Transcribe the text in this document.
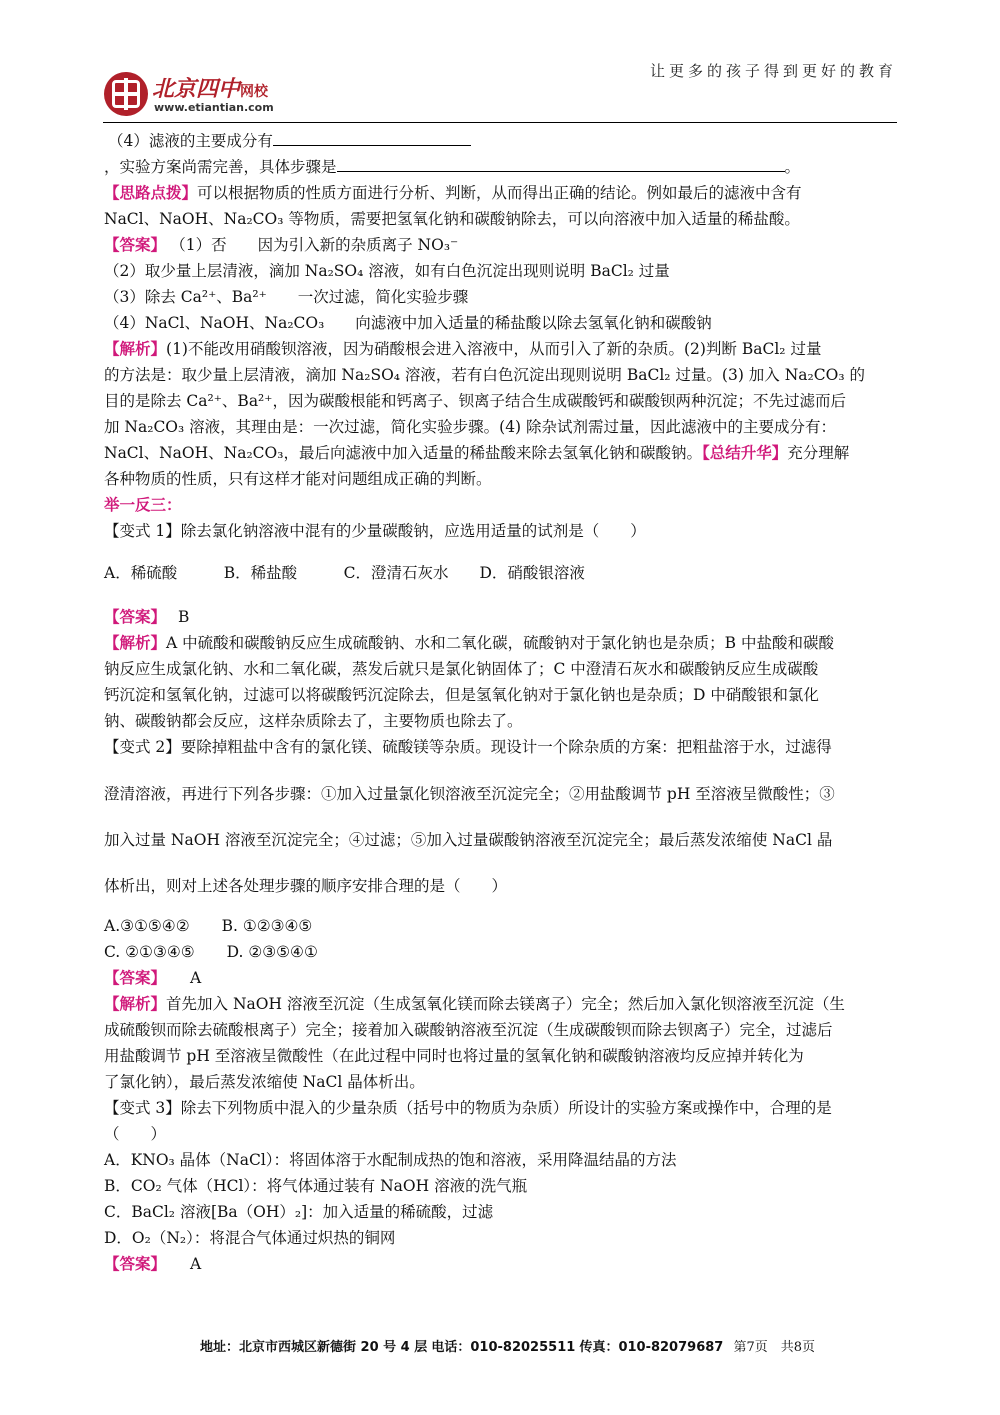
让更多的孩子得到更好的教育
北京四中网校
www.etiantian.com
（4）滤液的主要成分有
，实验方案尚需完善，具体步骤是	。
【思路点拨】可以根据物质的性质方面进行分析、判断，从而得出正确的结论。例如最后的滤液中含有
NaCl、NaOH、Na₂CO₃ 等物质，需要把氢氧化钠和碳酸钠除去，可以向溶液中加入适量的稀盐酸。
【答案】 （1）否　　因为引入新的杂质离子 NO₃⁻
（2）取少量上层清液，滴加 Na₂SO₄ 溶液，如有白色沉淀出现则说明 BaCl₂ 过量
（3）除去 Ca²⁺、Ba²⁺　　一次过滤，简化实验步骤
（4）NaCl、NaOH、Na₂CO₃　　向滤液中加入适量的稀盐酸以除去氢氧化钠和碳酸钠
【解析】(1)不能改用硝酸钡溶液，因为硝酸根会进入溶液中，从而引入了新的杂质。(2)判断 BaCl₂ 过量
的方法是：取少量上层清液，滴加 Na₂SO₄ 溶液，若有白色沉淀出现则说明 BaCl₂ 过量。(3) 加入 Na₂CO₃ 的
目的是除去 Ca²⁺、Ba²⁺，因为碳酸根能和钙离子、钡离子结合生成碳酸钙和碳酸钡两种沉淀；不先过滤而后
加 Na₂CO₃ 溶液，其理由是：一次过滤，简化实验步骤。(4) 除杂试剂需过量，因此滤液中的主要成分有：
NaCl、NaOH、Na₂CO₃，最后向滤液中加入适量的稀盐酸来除去氢氧化钠和碳酸钠。【总结升华】充分理解
各种物质的性质，只有这样才能对问题组成正确的判断。
举一反三：
【变式 1】除去氯化钠溶液中混有的少量碳酸钠，应选用适量的试剂是（　　）
A．稀硫酸　　　B．稀盐酸　　　C．澄清石灰水　　D．硝酸银溶液
【答案】 B
【解析】A 中硫酸和碳酸钠反应生成硫酸钠、水和二氧化碳，硫酸钠对于氯化钠也是杂质；B 中盐酸和碳酸
钠反应生成氯化钠、水和二氧化碳，蒸发后就只是氯化钠固体了；C 中澄清石灰水和碳酸钠反应生成碳酸
钙沉淀和氢氧化钠，过滤可以将碳酸钙沉淀除去，但是氢氧化钠对于氯化钠也是杂质；D 中硝酸银和氯化
钠、碳酸钠都会反应，这样杂质除去了，主要物质也除去了。
【变式 2】要除掉粗盐中含有的氯化镁、硫酸镁等杂质。现设计一个除杂质的方案：把粗盐溶于水，过滤得
澄清溶液，再进行下列各步骤：①加入过量氯化钡溶液至沉淀完全；②用盐酸调节 pH 至溶液呈微酸性；③
加入过量 NaOH 溶液至沉淀完全；④过滤；⑤加入过量碳酸钠溶液至沉淀完全；最后蒸发浓缩使 NaCl 晶
体析出，则对上述各处理步骤的顺序安排合理的是（　　）
A.③①⑤④② B. ①②③④⑤
C. ②①③④⑤ D. ②③⑤④①
【答案】 A
【解析】首先加入 NaOH 溶液至沉淀（生成氢氧化镁而除去镁离子）完全；然后加入氯化钡溶液至沉淀（生
成硫酸钡而除去硫酸根离子）完全；接着加入碳酸钠溶液至沉淀（生成碳酸钡而除去钡离子）完全，过滤后
用盐酸调节 pH 至溶液呈微酸性（在此过程中同时也将过量的氢氧化钠和碳酸钠溶液均反应掉并转化为
了氯化钠），最后蒸发浓缩使 NaCl 晶体析出。
【变式 3】除去下列物质中混入的少量杂质（括号中的物质为杂质）所设计的实验方案或操作中，合理的是
（　　）
A．KNO₃ 晶体（NaCl）：将固体溶于水配制成热的饱和溶液，采用降温结晶的方法
B．CO₂ 气体（HCl）：将气体通过装有 NaOH 溶液的洗气瓶
C．BaCl₂ 溶液[Ba（OH）₂]：加入适量的稀硫酸，过滤
D．O₂（N₂）：将混合气体通过炽热的铜网
【答案】 A
地址：北京市西城区新德街 20 号 4 层 电话：010-82025511 传真：010-82079687 第7页　共8页
